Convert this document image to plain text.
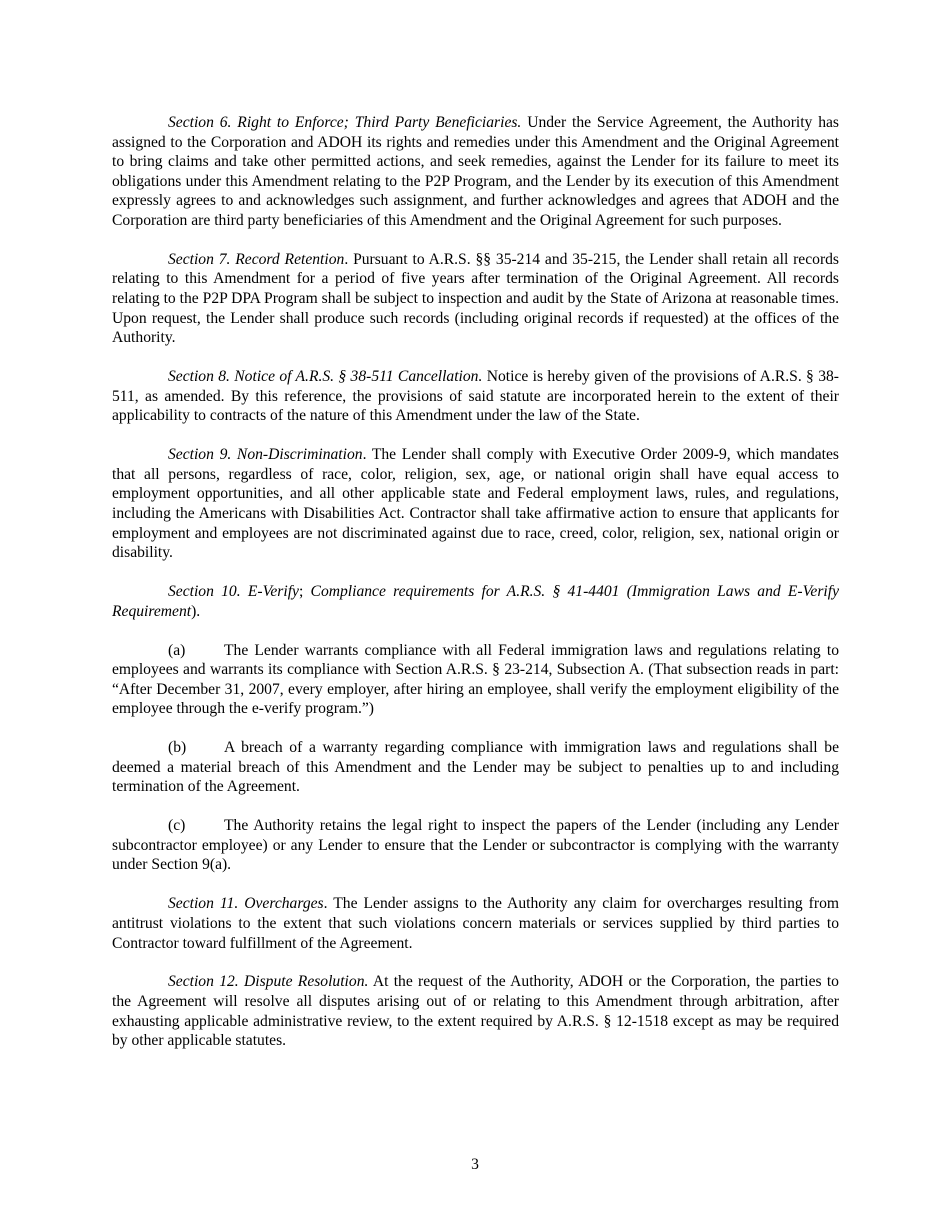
Section 6. Right to Enforce; Third Party Beneficiaries. Under the Service Agreement, the Authority has assigned to the Corporation and ADOH its rights and remedies under this Amendment and the Original Agreement to bring claims and take other permitted actions, and seek remedies, against the Lender for its failure to meet its obligations under this Amendment relating to the P2P Program, and the Lender by its execution of this Amendment expressly agrees to and acknowledges such assignment, and further acknowledges and agrees that ADOH and the Corporation are third party beneficiaries of this Amendment and the Original Agreement for such purposes.

Section 7. Record Retention. Pursuant to A.R.S. §§ 35-214 and 35-215, the Lender shall retain all records relating to this Amendment for a period of five years after termination of the Original Agreement. All records relating to the P2P DPA Program shall be subject to inspection and audit by the State of Arizona at reasonable times. Upon request, the Lender shall produce such records (including original records if requested) at the offices of the Authority.

Section 8. Notice of A.R.S. § 38-511 Cancellation. Notice is hereby given of the provisions of A.R.S. § 38-511, as amended. By this reference, the provisions of said statute are incorporated herein to the extent of their applicability to contracts of the nature of this Amendment under the law of the State.

Section 9. Non-Discrimination. The Lender shall comply with Executive Order 2009-9, which mandates that all persons, regardless of race, color, religion, sex, age, or national origin shall have equal access to employment opportunities, and all other applicable state and Federal employment laws, rules, and regulations, including the Americans with Disabilities Act. Contractor shall take affirmative action to ensure that applicants for employment and employees are not discriminated against due to race, creed, color, religion, sex, national origin or disability.

Section 10. E-Verify; Compliance requirements for A.R.S. § 41-4401 (Immigration Laws and E-Verify Requirement).

(a) The Lender warrants compliance with all Federal immigration laws and regulations relating to employees and warrants its compliance with Section A.R.S. § 23-214, Subsection A. (That subsection reads in part: “After December 31, 2007, every employer, after hiring an employee, shall verify the employment eligibility of the employee through the e-verify program.”)

(b) A breach of a warranty regarding compliance with immigration laws and regulations shall be deemed a material breach of this Amendment and the Lender may be subject to penalties up to and including termination of the Agreement.

(c) The Authority retains the legal right to inspect the papers of the Lender (including any Lender subcontractor employee) or any Lender to ensure that the Lender or subcontractor is complying with the warranty under Section 9(a).

Section 11. Overcharges. The Lender assigns to the Authority any claim for overcharges resulting from antitrust violations to the extent that such violations concern materials or services supplied by third parties to Contractor toward fulfillment of the Agreement.

Section 12. Dispute Resolution. At the request of the Authority, ADOH or the Corporation, the parties to the Agreement will resolve all disputes arising out of or relating to this Amendment through arbitration, after exhausting applicable administrative review, to the extent required by A.R.S. § 12-1518 except as may be required by other applicable statutes.

3
